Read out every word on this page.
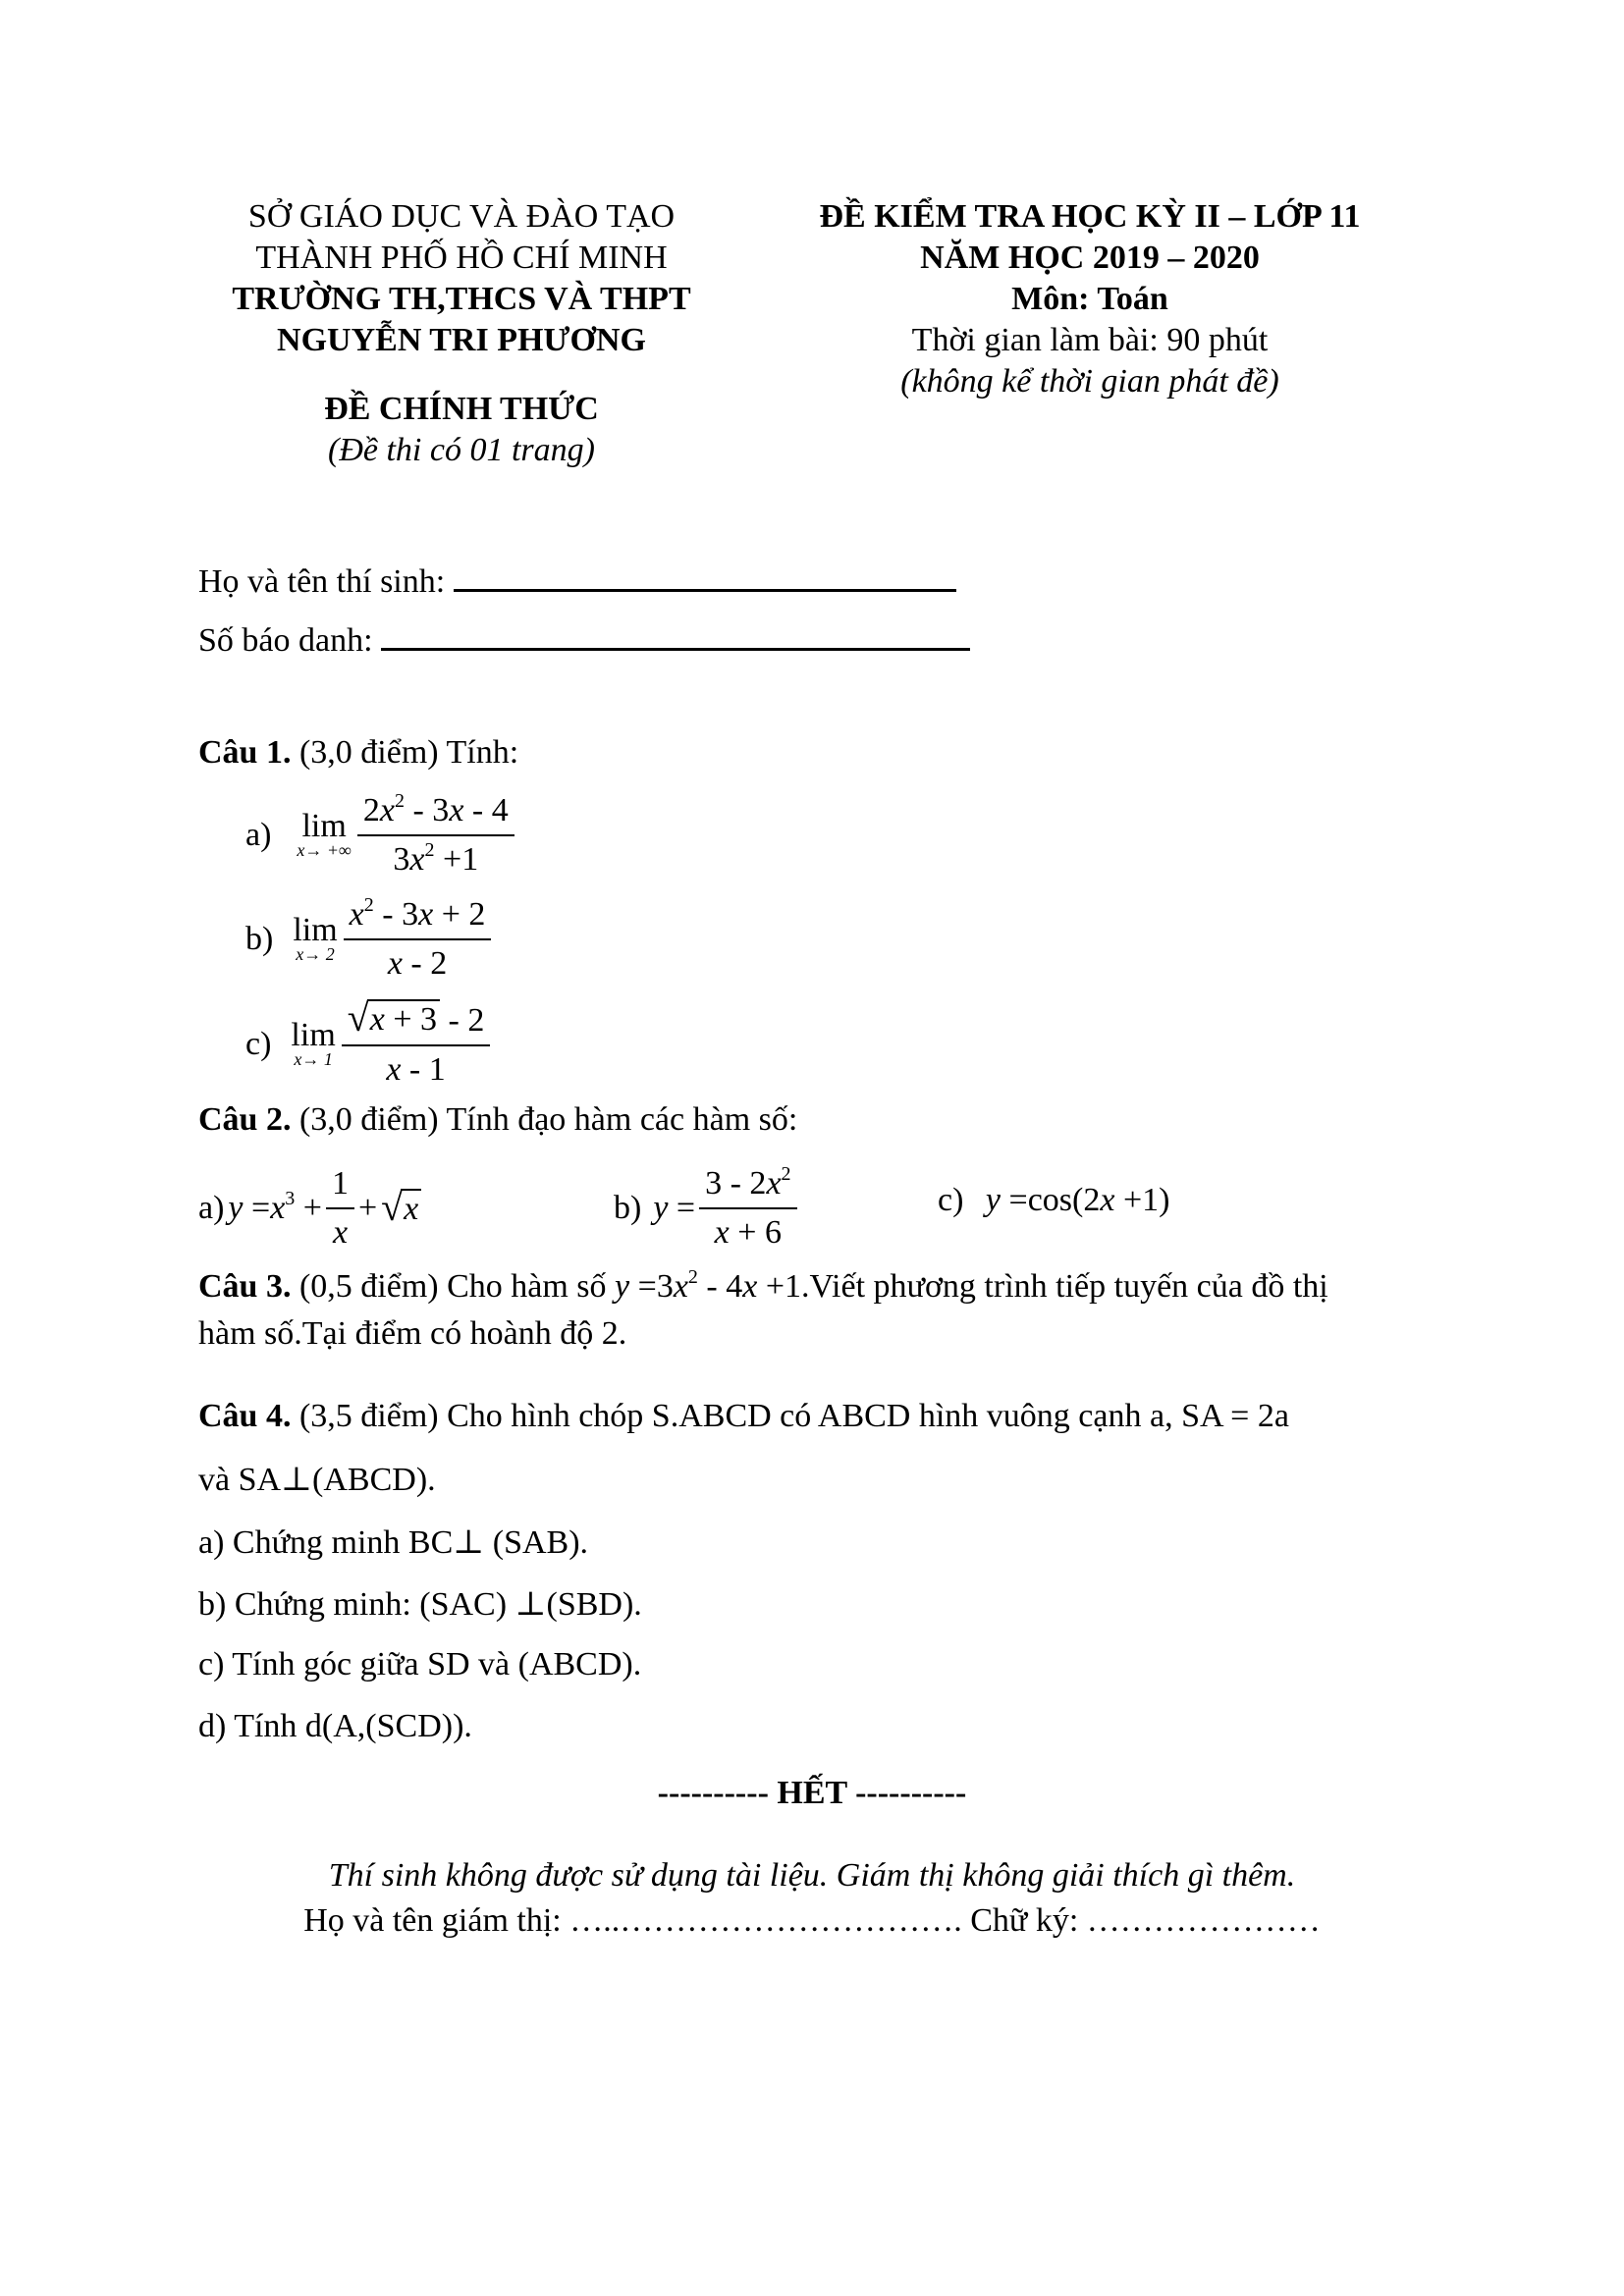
SỞ GIÁO DỤC VÀ ĐÀO TẠO
THÀNH PHỐ HỒ CHÍ MINH
TRƯỜNG TH,THCS VÀ THPT
NGUYỄN TRI PHƯƠNG
ĐỀ CHÍNH THỨC
(Đề thi có 01 trang)
ĐỀ KIỂM TRA HỌC KỲ II – LỚP 11
NĂM HỌC 2019 – 2020
Môn: Toán
Thời gian làm bài: 90 phút
(không kể thời gian phát đề)
Họ và tên thí sinh:
Số báo danh:
Câu 1. (3,0 điểm) Tính:
a) lim
x→ +∞ $\frac{2x^2 - 3x - 4}{3x^2 +1}$
b) lim
$x\to 2 \frac{x^2 - 3x + 2}{x - 2}$
c) lim
$x\to 1 \frac{√ x + 3 - 2}{x - 1}$
Câu 2. (3,0 điểm) Tính đạo hàm các hàm số:
a) $y =x^3 + \frac{1}{x}$ + √ x	b) $y = \frac{3 - 2x^2}{x + 6}$	c) y =cos(2x +1)
Câu 3. (0,5 điểm) Cho hàm số $y =3x^2 - 4x$ +1.Viết phương trình tiếp tuyến của đồ thị
hàm số.Tại điểm có hoành độ 2.
Câu 4. (3,5 điểm) Cho hình chóp S.ABCD có ABCD hình vuông cạnh a, SA = 2a
và SA⊥(ABCD).
a) Chứng minh BC⊥ (SAB).
b) Chứng minh: (SAC) ⊥(SBD).
c) Tính góc giữa SD và (ABCD).
d) Tính d(A,(SCD)).
---------- HẾT ----------
Thí sinh không được sử dụng tài liệu. Giám thị không giải thích gì thêm.
Họ và tên giám thị: …..…………………………. Chữ ký: …………………
